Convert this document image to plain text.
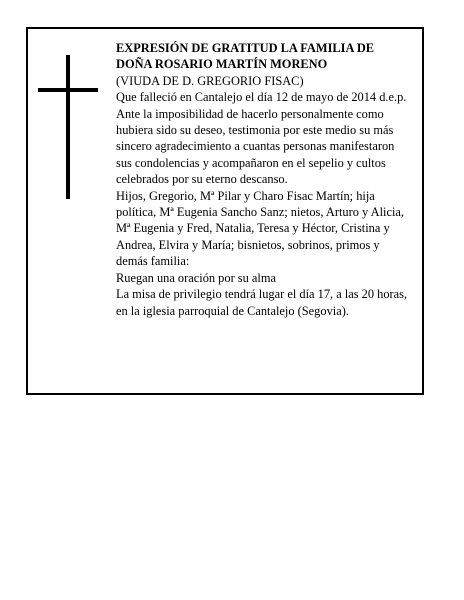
EXPRESIÓN DE GRATITUD LA FAMILIA DE DOÑA ROSARIO MARTÍN MORENO

(VIUDA DE D. GREGORIO FISAC)

Que falleció en Cantalejo el día 12 de mayo de 2014 d.e.p.

Ante la imposibilidad de hacerlo personalmente como hubiera sido su deseo, testimonia por este medio su más sincero agradecimiento a cuantas personas manifestaron sus condolencias y acompañaron en el sepelio y cultos celebrados por su eterno descanso.

Hijos, Gregorio, Mª Pilar y Charo Fisac Martín; hija política, Mª Eugenia Sancho Sanz; nietos, Arturo y Alicia, Mª Eugenia y Fred, Natalia, Teresa y Héctor, Cristina y Andrea, Elvira y María; bisnietos, sobrinos, primos y demás familia:

Ruegan una oración por su alma

La misa de privilegio tendrá lugar el día 17, a las 20 horas, en la iglesia parroquial de Cantalejo (Segovia).
